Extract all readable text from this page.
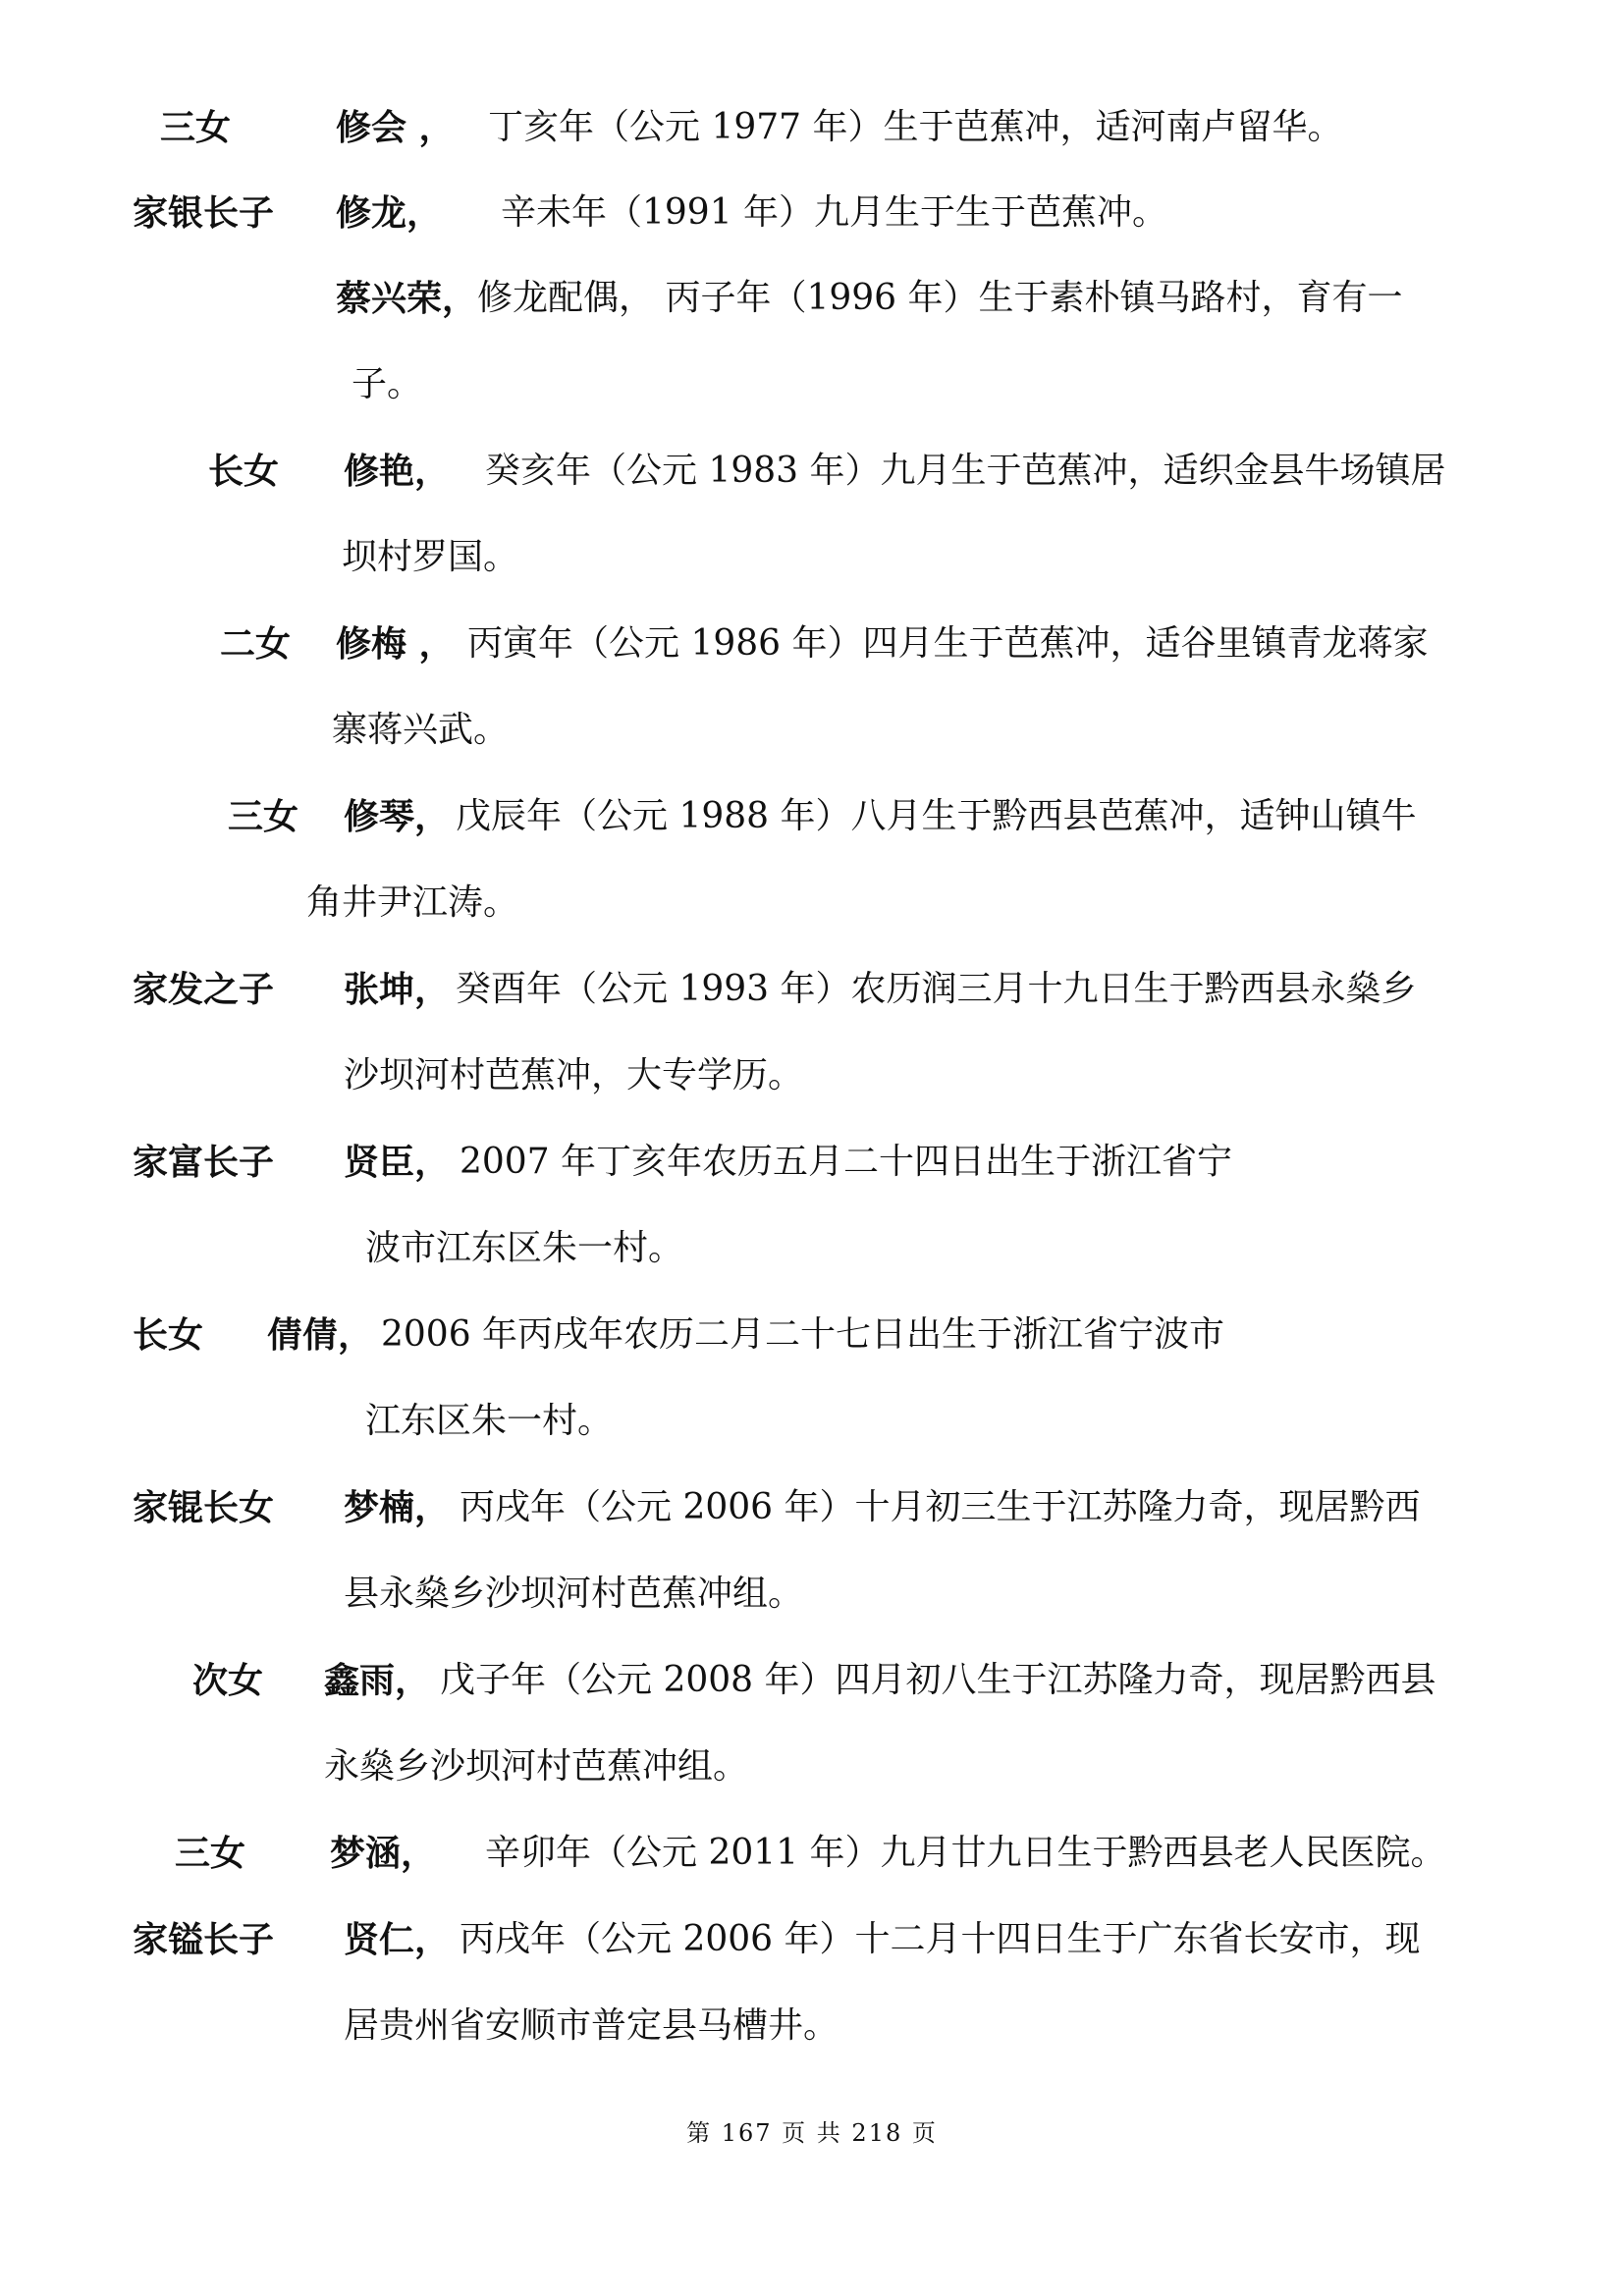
三女	修会 ， 丁亥年（公元 1977 年）生于芭蕉冲，适河南卢留华。
家银长子 修龙， 辛未年（1991 年）九月生于生于芭蕉冲。
蔡兴荣， 修龙配偶， 丙子年（1996 年）生于素朴镇马路村，育有一
子。
长女 修艳， 癸亥年（公元 1983 年）九月生于芭蕉冲，适织金县牛场镇居
坝村罗国。
二女 修梅 ， 丙寅年（公元 1986 年）四月生于芭蕉冲，适谷里镇青龙蒋家
寨蒋兴武。
三女 修琴， 戊辰年（公元 1988 年）八月生于黔西县芭蕉冲，适钟山镇牛
角井尹江涛。
家发之子 张坤， 癸酉年（公元 1993 年）农历润三月十九日生于黔西县永燊乡
沙坝河村芭蕉冲，大专学历。
家富长子 贤臣， 2007 年丁亥年农历五月二十四日出生于浙江省宁
波市江东区朱一村。
长女 倩倩， 2006 年丙戌年农历二月二十七日出生于浙江省宁波市
江东区朱一村。
家锟长女 梦楠， 丙戌年（公元 2006 年）十月初三生于江苏隆力奇，现居黔西
县永燊乡沙坝河村芭蕉冲组。
次女 鑫雨， 戊子年（公元 2008 年）四月初八生于江苏隆力奇，现居黔西县
永燊乡沙坝河村芭蕉冲组。
三女 梦涵， 辛卯年（公元 2011 年）九月廿九日生于黔西县老人民医院。
家镒长子 贤仁， 丙戌年（公元 2006 年）十二月十四日生于广东省长安市，现
居贵州省安顺市普定县马槽井。
第 167 页 共 218 页
